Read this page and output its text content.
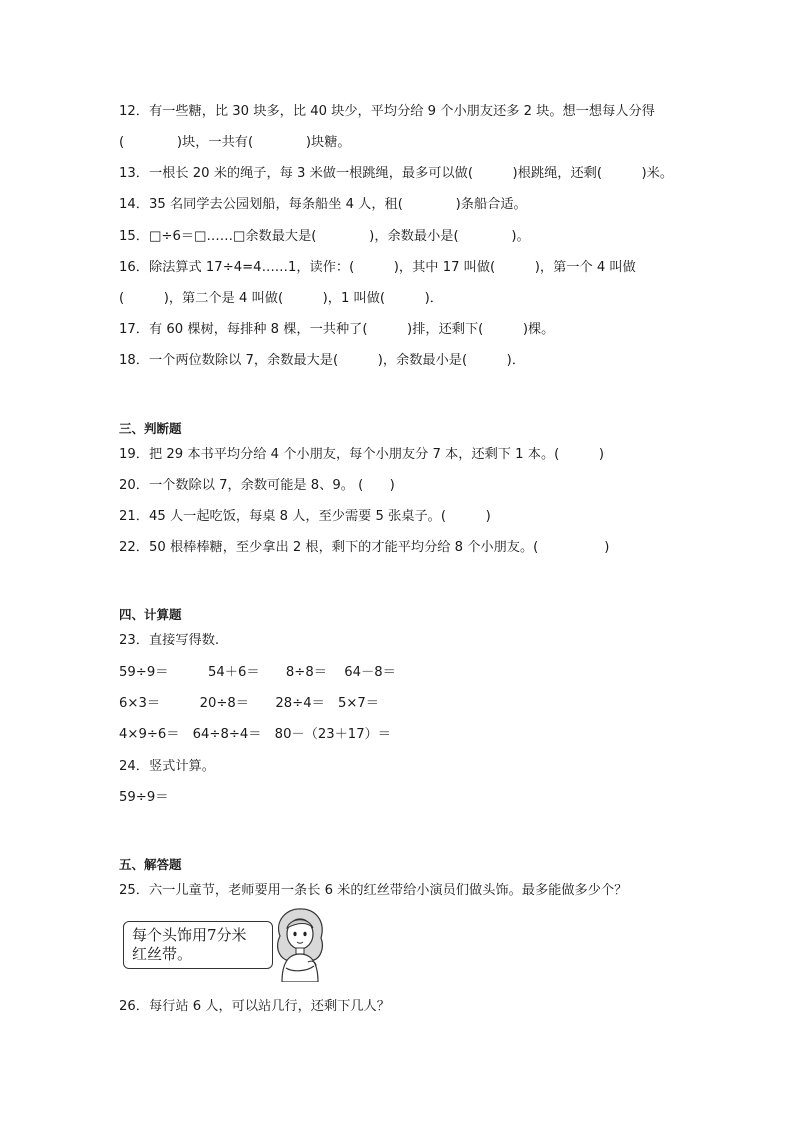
12．有一些糖，比 30 块多，比 40 块少，平均分给 9 个小朋友还多 2 块。想一想每人分得
(　　　　)块，一共有(　　　　)块糖。
13．一根长 20 米的绳子，每 3 米做一根跳绳，最多可以做(　　　)根跳绳，还剩(　　　)米。
14．35 名同学去公园划船，每条船坐 4 人，租(　　　　)条船合适。
15．□÷6＝□……□余数最大是(　　　　)，余数最小是(　　　　)。
16．除法算式 17÷4=4……1，读作：(　　　)，其中 17 叫做(　　　)，第一个 4 叫做
(　　　)，第二个是 4 叫做(　　　)，1 叫做(　　　)．
17．有 60 棵树，每排种 8 棵，一共种了(　　　)排，还剩下(　　　)棵。
18．一个两位数除以 7，余数最大是(　　　)，余数最小是(　　　)．
三、判断题
19．把 29 本书平均分给 4 个小朋友，每个小朋友分 7 本，还剩下 1 本。(　　　)
20．一个数除以 7，余数可能是 8、9。 (　　)
21．45 人一起吃饭，每桌 8 人，至少需要 5 张桌子。(　　　)
22．50 根棒棒糖，至少拿出 2 根，剩下的才能平均分给 8 个小朋友。(　　　　　)
四、计算题
23．直接写得数.
59÷9＝　　　54＋6＝　　8÷8＝　 64－8＝
6×3＝　　　20÷8＝　　28÷4＝　5×7＝
4×9÷6＝　64÷8÷4＝　80－（23＋17）＝
24．竖式计算。
59÷9＝
五、解答题
25．六一儿童节，老师要用一条长 6 米的红丝带给小演员们做头饰。最多能做多少个？
每个头饰用7分米
红丝带。
26．每行站 6 人，可以站几行，还剩下几人？
